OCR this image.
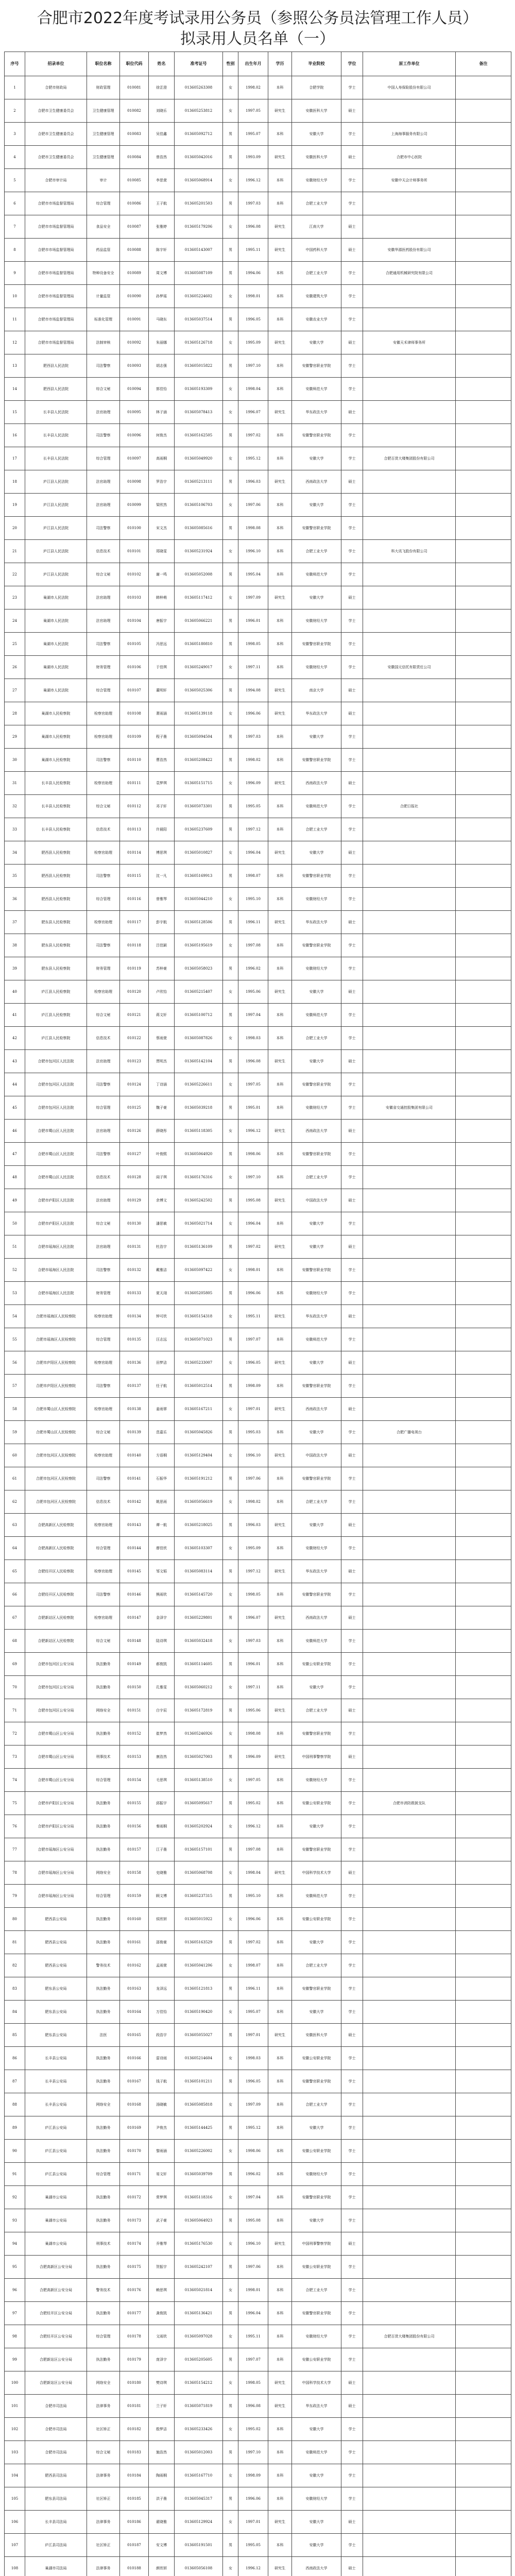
合肥市2022年度考试录用公务员（参照公务员法管理工作人员）
拟录用人员名单（一）
序号	招录单位	职位名称	职位代码	姓名	准考证号	性别	出生年月	学历	毕业院校	学位	原工作单位	备注
1	合肥市财政局	财政管理	010081	徐芷澄	013605263308	女	1998.02	本科	合肥学院	学士	中国人寿保险股份有限公司	
2	合肥市卫生健康委员会	卫生健康管理	010082	刘晓乐	013605253812	女	1997.05	研究生	安徽医科大学	硕士		
3	合肥市卫生健康委员会	卫生健康管理	010083	吴佳鑫	013605092712	男	1995.07	本科	安徽大学	学士	上海海事服务有限公司	
4	合肥市卫生健康委员会	卫生健康管理	010084	曾浩然	013605042016	男	1993.09	研究生	安徽医科大学	硕士	合肥市中心医院	
5	合肥市审计局	审计	010085	李思萱	013605068914	女	1996.12	本科	安徽财经大学	学士	安徽中天会计师事务所	
6	合肥市市场监督管理局	综合管理	010086	王子航	013605201503	男	1997.03	本科	合肥工业大学	学士		
7	合肥市市场监督管理局	食品安全	010087	张雅婷	013605179206	女	1996.08	研究生	江南大学	硕士		
8	合肥市市场监督管理局	药品监管	010088	陈宇轩	013605143007	男	1995.11	研究生	中国药科大学	硕士	安徽华源医药股份有限公司	
9	合肥市市场监督管理局	特种设备安全	010089	周文博	013605087109	男	1994.06	本科	合肥工业大学	学士	合肥通用机械研究院有限公司	
10	合肥市市场监督管理局	计量监管	010090	孙梦瑶	013605224602	女	1998.01	本科	安徽建筑大学	学士		
11	合肥市市场监督管理局	标准化管理	010091	马晓东	013605037514	男	1996.05	本科	安徽农业大学	学士		
12	合肥市市场监督管理局	法制审核	010092	朱丽娜	013605126718	女	1995.09	研究生	安徽大学	硕士	安徽天禾律师事务所	
13	肥西县人民法院	司法警察	010093	胡志强	013605015822	男	1997.10	本科	安徽警官职业学院	学士		
14	肥西县人民法院	综合文秘	010094	郭佳怡	013605193309	女	1998.04	本科	安徽师范大学	学士		
15	长丰县人民法院	法官助理	010095	林子涵	013605078413	女	1996.07	研究生	华东政法大学	硕士		
16	长丰县人民法院	司法警察	010096	何俊杰	013605162505	男	1997.02	本科	安徽警官职业学院	学士		
17	长丰县人民法院	综合管理	010097	高雨桐	013605049920	女	1995.12	本科	安徽大学	学士	合肥百货大楼集团股份有限公司	
18	庐江县人民法院	法官助理	010098	罗浩宇	013605213111	男	1996.03	研究生	西南政法大学	硕士		
19	庐江县人民法院	法官助理	010099	梁欣然	013605106703	女	1997.06	本科	安徽大学	学士		
20	庐江县人民法院	司法警察	010100	宋文杰	013605085616	男	1998.08	本科	安徽警官职业学院	学士		
21	庐江县人民法院	信息技术	010101	郑晓雯	013605231924	女	1996.10	本科	合肥工业大学	学士	科大讯飞股份有限公司	
22	庐江县人民法院	综合文秘	010102	谢一鸣	013605052008	男	1995.04	本科	安徽师范大学	学士		
23	巢湖市人民法院	法官助理	010103	韩梓萌	013605117412	女	1997.09	研究生	安徽大学	硕士		
24	巢湖市人民法院	法官助理	010104	唐振宇	013605066221	男	1996.01	本科	安徽财经大学	学士		
25	巢湖市人民法院	司法警察	010105	冯思远	013605180810	男	1998.05	本科	安徽警官职业学院	学士		
26	巢湖市人民法院	财务管理	010106	于佳琪	013605249017	女	1997.11	本科	安徽财经大学	学士	安徽国元信托有限责任公司	
27	巢湖市人民法院	综合管理	010107	董明轩	013605025306	男	1994.08	研究生	南京大学	硕士		
28	巢湖市人民检察院	检察官助理	010108	萧雨涵	013605139118	女	1996.06	研究生	华东政法大学	硕士		
29	巢湖市人民检察院	检察官助理	010109	程子墨	013605094504	男	1997.03	本科	安徽大学	学士		
30	巢湖市人民检察院	司法警察	010110	曹浩然	013605208422	男	1998.02	本科	安徽警官职业学院	学士		
31	长丰县人民检察院	检察官助理	010111	袁梦琪	013605151715	女	1996.09	研究生	西南政法大学	硕士		
32	长丰县人民检察院	综合文秘	010112	邓子轩	013605073301	男	1995.05	本科	安徽师范大学	学士	合肥日报社	
33	长丰县人民检察院	信息技术	010113	许晨阳	013605237609	男	1997.12	本科	合肥工业大学	学士		
34	肥西县人民检察院	检察官助理	010114	傅思琪	013605010827	女	1996.04	研究生	安徽大学	硕士		
35	肥西县人民检察院	司法警察	010115	沈一凡	013605169913	男	1998.07	本科	安徽警官职业学院	学士		
36	肥西县人民检察院	综合管理	010116	曾雅琴	013605044210	女	1995.10	本科	安徽财经大学	学士		
37	肥东县人民检察院	检察官助理	010117	彭宇航	013605128506	男	1996.11	研究生	华东政法大学	硕士		
38	肥东县人民检察院	司法警察	010118	吕佳颖	013605195619	女	1997.08	本科	安徽警官职业学院	学士		
39	肥东县人民检察院	财务管理	010119	苏梓豪	013605058023	男	1996.02	本科	安徽财经大学	学士		
40	庐江县人民检察院	检察官助理	010120	卢欣怡	013605215407	女	1995.06	研究生	安徽大学	硕士		
41	庐江县人民检察院	综合文秘	010121	蒋文轩	013605100712	男	1997.04	本科	安徽师范大学	学士		
42	庐江县人民检察院	信息技术	010122	蔡雨萱	013605087826	女	1998.03	本科	合肥工业大学	学士		
43	合肥市包河区人民法院	法官助理	010123	贾明杰	013605142104	男	1996.08	研究生	安徽大学	硕士		
44	合肥市包河区人民法院	司法警察	010124	丁诗涵	013605226611	女	1997.05	本科	安徽警官职业学院	学士		
45	合肥市包河区人民法院	综合管理	010125	魏子豪	013605039218	男	1995.01	本科	安徽财经大学	学士	安徽省交通控股集团有限公司	
46	合肥市蜀山区人民法院	法官助理	010126	薛晓彤	013605118305	女	1996.12	研究生	西南政法大学	硕士		
47	合肥市蜀山区人民法院	司法警察	010127	叶俊熙	013605064920	男	1998.06	本科	安徽警官职业学院	学士		
48	合肥市蜀山区人民法院	信息技术	010128	阎子琪	013605176316	女	1997.10	本科	合肥工业大学	学士		
49	合肥市庐阳区人民法院	法官助理	010129	余博文	013605242502	男	1995.08	研究生	中国政法大学	硕士		
50	合肥市庐阳区人民法院	综合文秘	010130	潘思敏	013605021714	女	1996.04	本科	安徽大学	学士		
51	合肥市瑶海区人民法院	法官助理	010131	杜浩宇	013605136109	男	1997.02	研究生	安徽大学	硕士		
52	合肥市瑶海区人民法院	司法警察	010132	戴雅洁	013605097422	女	1998.01	本科	安徽警官职业学院	学士		
53	合肥市瑶海区人民法院	财务管理	010133	夏天翊	013605205805	男	1996.06	本科	安徽财经大学	学士		
54	合肥市瑶海区人民检察院	检察官助理	010134	钟可欣	013605154318	女	1995.11	研究生	华东政法大学	硕士		
55	合肥市瑶海区人民检察院	综合管理	010135	汪志远	013605071023	男	1997.07	本科	安徽师范大学	学士		
56	合肥市庐阳区人民检察院	检察官助理	010136	田梦洁	013605233007	女	1996.05	研究生	安徽大学	硕士		
57	合肥市庐阳区人民检察院	司法警察	010137	任子航	013605012514	男	1998.09	本科	安徽警官职业学院	学士		
58	合肥市蜀山区人民检察院	检察官助理	010138	姜雨霏	013605167211	女	1997.01	研究生	西南政法大学	硕士		
59	合肥市蜀山区人民检察院	综合文秘	010139	范嘉乐	013605045826	男	1995.03	本科	安徽大学	学士	合肥广播电视台	
60	合肥市包河区人民检察院	检察官助理	010140	方语桐	013605129404	女	1996.10	研究生	中国政法大学	硕士		
61	合肥市包河区人民检察院	司法警察	010141	石振华	013605191212	男	1997.06	本科	安徽警官职业学院	学士		
62	合肥市包河区人民检察院	信息技术	010142	姚思雨	013605056619	女	1998.02	本科	合肥工业大学	学士		
63	合肥高新区人民检察院	检察官助理	010143	谭一航	013605218025	男	1996.03	研究生	安徽大学	硕士		
64	合肥高新区人民检察院	综合管理	010144	廖佳欣	013605103307	女	1995.09	本科	安徽财经大学	学士		
65	合肥经开区人民检察院	检察官助理	010145	邹文韬	013605083114	男	1997.12	研究生	华东政法大学	硕士		
66	合肥经开区人民检察院	司法警察	010146	熊雨欣	013605145720	女	1998.05	本科	安徽警官职业学院	学士		
67	合肥新站区人民检察院	检察官助理	010147	金泽宇	013605229801	男	1996.07	研究生	西南政法大学	硕士		
68	合肥新站区人民检察院	综合文秘	010148	陆诗琪	013605032418	女	1997.03	本科	安徽师范大学	学士		
69	合肥市包河区公安分局	执法勤务	010149	郝俊凯	013605114605	男	1996.01	本科	安徽公安职业学院	学士		
70	合肥市包河区公安分局	执法勤务	010150	孔雅雯	013605060212	女	1997.11	本科	安徽大学	学士		
71	合肥市包河区公安分局	网络安全	010151	白宇辰	013605172819	男	1995.06	研究生	合肥工业大学	硕士		
72	合肥市蜀山区公安分局	执法勤务	010152	崔梦然	013605246926	女	1998.08	本科	安徽警官职业学院	学士		
73	合肥市蜀山区公安分局	刑事技术	010153	康浩然	013605027003	男	1996.09	研究生	中国刑事警察学院	硕士		
74	合肥市蜀山区公安分局	综合管理	010154	毛思琪	013605138510	女	1997.05	本科	安徽财经大学	学士		
75	合肥市庐阳区公安分局	执法勤务	010155	邱振宇	013605095617	男	1995.02	本科	安徽公安职业学院	学士	合肥市消防救援支队	
76	合肥市庐阳区公安分局	执法勤务	010156	秦雨桐	013605202924	女	1996.12	本科	安徽大学	学士		
77	合肥市瑶海区公安分局	执法勤务	010157	江子墨	013605157101	男	1997.08	本科	安徽警官职业学院	学士		
78	合肥市瑶海区公安分局	网络安全	010158	史晓雅	013605068708	女	1998.04	研究生	中国科学技术大学	硕士		
79	合肥市瑶海区公安分局	综合管理	010159	顾文博	013605237315	男	1995.10	本科	安徽师范大学	学士		
80	肥西县公安局	执法勤务	010160	侯欣妍	013605015922	女	1996.06	本科	安徽公安职业学院	学士		
81	肥西县公安局	执法勤务	010161	邵俊豪	013605163529	男	1997.02	本科	安徽大学	学士		
82	肥西县公安局	警务技术	010162	孟雨萱	013605041206	女	1998.07	本科	合肥工业大学	学士		
83	肥东县公安局	执法勤务	010163	龙泽远	013605121813	男	1996.11	本科	安徽警官职业学院	学士		
84	肥东县公安局	执法勤务	010164	万佳怡	013605190420	女	1995.07	本科	安徽大学	学士		
85	肥东县公安局	法医	010165	段浩宇	013605055027	男	1997.01	研究生	安徽医科大学	硕士		
86	长丰县公安局	执法勤务	010166	雷诗雨	013605214604	女	1998.03	本科	安徽公安职业学院	学士		
87	长丰县公安局	执法勤务	010167	钱子航	013605101211	男	1996.05	本科	安徽警官职业学院	学士		
88	长丰县公安局	网络安全	010168	汤晓敏	013605085818	女	1997.09	本科	合肥工业大学	学士		
89	庐江县公安局	执法勤务	010169	尹俊杰	013605144425	男	1995.12	本科	安徽大学	学士		
90	庐江县公安局	执法勤务	010170	黎雨涵	013605226002	女	1998.06	本科	安徽公安职业学院	学士		
91	庐江县公安局	综合管理	010171	易文轩	013605039709	男	1996.02	本科	安徽财经大学	学士		
92	巢湖市公安局	执法勤务	010172	常梦琪	013605118316	女	1997.04	本科	安徽警官职业学院	学士		
93	巢湖市公安局	执法勤务	010173	武子豪	013605064923	男	1995.08	本科	安徽大学	学士		
94	巢湖市公安局	刑事技术	010174	乔雅琴	013605176530	女	1996.10	研究生	中国刑事警察学院	硕士		
95	合肥高新区公安分局	执法勤务	010175	贺振宇	013605242107	男	1997.06	本科	安徽公安职业学院	学士		
96	合肥高新区公安分局	警务技术	010176	赖思琪	013605021814	女	1998.01	本科	合肥工业大学	学士		
97	合肥经开区公安分局	执法勤务	010177	龚俊凯	013605136421	男	1996.04	本科	安徽警官职业学院	学士		
98	合肥经开区公安分局	综合管理	010178	文雨欣	013605097028	女	1995.11	本科	安徽财经大学	学士	合肥百货大楼集团股份有限公司	
99	合肥新站区公安分局	执法勤务	010179	庞泽宇	013605205605	男	1997.07	本科	安徽公安职业学院	学士		
100	合肥新站区公安分局	网络安全	010180	樊诗琪	013605154212	女	1998.05	研究生	中国科学技术大学	硕士		
101	合肥市司法局	法律事务	010181	兰子轩	013605071819	男	1996.08	研究生	华东政法大学	硕士		
102	合肥市司法局	社区矫正	010182	殷梦洁	013605233426	女	1995.02	本科	安徽大学	学士		
103	合肥市司法局	综合文秘	010183	施浩然	013605012003	男	1997.10	本科	安徽师范大学	学士		
104	肥西县司法局	法律事务	010184	陶雨桐	013605167710	女	1998.09	本科	安徽大学	学士		
105	肥东县司法局	社区矫正	010185	洪子墨	013605045317	男	1996.06	本科	安徽财经大学	学士		
106	长丰县司法局	法律事务	010186	翟晓雅	013605129924	女	1997.01	研究生	安徽大学	硕士		
107	庐江县司法局	社区矫正	010187	安文博	013605191501	男	1995.05	本科	安徽大学	学士		
108	巢湖市司法局	法律事务	010188	颜欣妍	013605056108	女	1996.12	研究生	西南政法大学	硕士		
